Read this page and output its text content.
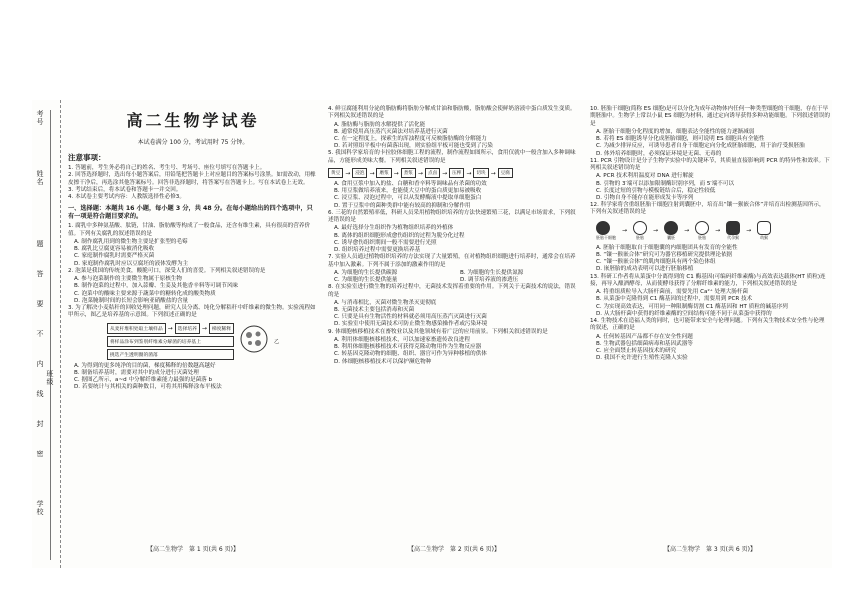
考号
姓名
题
答
要
不
内
线
封
密
班级
学校
高二生物学试卷
本试卷满分 100 分，考试用时 75 分钟。
注意事项：

1. 答题前，考生务必将自己的姓名、考生号、考场号、座位号填写在答题卡上。

2. 回答选择题时，选出每小题答案后，用铅笔把答题卡上对应题目的答案标号涂黑。如需改动，用橡皮擦干净后，再选涂其他答案标号。回答非选择题时，将答案写在答题卡上。写在本试卷上无效。

3. 考试结束后，将本试卷和答题卡一并交回。

4. 本试卷主要考试内容：人教版选择性必修3。

一、选择题：本题共 16 小题，每小题 3 分，共 48 分。在每小题给出的四个选项中，只有一项是符合题目要求的。

1. 腐乳中多种氨基酸、肽链，甘油、脂肪酸等构成了一般食品，还含有维生素，具有很高的营养价值。下列有关腐乳的叙述错误的是

A. 制作腐乳用到的微生物主要是扩张型的毛霉
B. 腐乳比豆腐更容易被消化吸收
C. 家庭制作腐乳时需要严格灭菌
D. 家庭制作腐乳时应以豆腐坯的液体发酵为主

2. 泡菜是我国的传统美食，酸脆可口，深受人们的喜爱。下列相关叙述错误的是

A. 参与泡菜制作的主要微生物属于原核生物
B. 制作泡菜的过程中，加入蒜瓣、生姜及其他香辛料等可调节风味
C. 泡菜中的酸味主要来源于蔬菜中的糖转化成的酸类物质
D. 泡菜腌制时间的长短会影响亚硝酸盐的含量

3. 为了解决小麦秸秆的回收处理问题，研究人员分离、纯化分解秸秆中纤维素的微生物。实验流程如甲所示，图乙是培养基的示意图。下列叙述正确的是

从麦秆堆积处取土壤样品 →	选择培养 →	梯度稀释
将样品涂布到鉴别纤维素分解菌的培养基上
挑选产生透明圈的菌落
乙
A. 为得到的更多纯净的目的菌，梯度稀释的倍数越高越好
B. 制备培养基时，需要对其中的成分进行灭菌处理
C. 据图乙所示，a~d 中分解纤维素能力最强的是菌落 b
D. 若要统计与其相关的菌种数目，可将其用稀释涂布平板法
【高二生物学　第 1 页(共 6 页)】

4. 鲜豆腐能利用分泌的脂肪酶将脂肪分解成甘油和脂肪酸，脂肪酸会使鲜奶溶液中蛋白质发生变质。下列相关叙述错误的是

A. 脂肪酶与脂肪的水解提供了活化能
B. 通常使用高压蒸汽灭菌法对培养基进行灭菌
C. 在一定程度上，探索生的浑浊程度可反映脂肪酶的分解能力
D. 若对照组平板中有菌落出现，则实验组平板可能也受到了污染

5. 我国科学家培育的卡拉胶体细胞工程的流程，制作流程如图所示，食用仅就中一般含加入多种调味品，方能形成美味大餐。下列相关叙述错误的是

黄豆 →	浸泡 →	磨浆 →	煮浆 →	点卤 →	压榨 →	切块 →	豆腐
A. 食用豆浆中加入的盐、白糖和香辛料等调味品有杀菌的功效
B. 用豆浆做培养液来，也能使大豆中的蛋白质更加易被吸收
C. 浸豆浆、浸泡过程中，可以从发酵酶液中提取单细胞蛋白
D. 置于豆浆中的菌种类群中能有较高的抑制和分解作用

6. 三花的自然繁殖率低，科研人员采用植物组织培养的方法快速繁殖三花，以满足市场需求，下列叙述错误的是

A. 最好选择分生组织作为植物组织培养的外植体
B. 离体的组织细胞形成愈伤组织的过程为脱分化过程
C. 诱导愈伤组织期间一般不需要进行光照
D. 组织培养过程中需要更换培养基

7. 实验人员通过植物组织培养的方法实现了大量繁殖，在对植物组织细胞进行培养时，通常会在培养基中加入激素。下列不属于添加的激素作用的是

A. 为细胞的生长提供碳源	B. 为细胞的生长提供氮源
C. 为细胞的生长提供能量	D. 调节培养液的渗透压

8. 在实验室进行微生物的培养过程中，无菌技术发挥着重要的作用。下列关于无菌技术的说法，错误的是

A. 与消毒相比，灭菌对微生物杀灭更彻底
B. 无菌技术主要包括消毒和灭菌
C. 只要是具有生物活性的材料就必须用高压蒸汽灭菌进行灭菌
D. 实验室中使用无菌技术可防止微生物感染操作者或污染环境

9. 体细胞核移植技术在畜牧业以及其他领域有着广泛的应用前景。下列相关叙述错误的是

A. 利用体细胞核移植技术，可以加速家畜遗传改良进程
B. 利用体细胞核移植技术可获得克隆动物用作为生物反应器
C. 转基因克隆动物的细胞、组织、器官可作为异种移植的供体
D. 体细胞核移植技术可以保护濒危物种
【高二生物学　第 2 页(共 6 页)】

10. 胚胎干细胞(简称 ES 细胞)是可以分化为成年动物体内任何一种类型细胞的干细胞，存在于早期胚胎中。生物学上常以小鼠 ES 细胞为材料，通过定向诱导获得多种功能细胞。下列叙述错误的是

A. 胚胎干细胞分化程度的增加，细胞表达全能性的能力逐渐减弱
B. 若将 ES 细胞诱导分化成胚胎细胞，则可说明 ES 细胞具有全能性
C. 为减少排异反应，可诱导患者自身干细胞定向分化成胚胎细胞，用于治疗受损胚胎
D. 体外培养细胞时，必须保证环境是无菌、无毒的

11. PCR 引物设计是分子生物学实验中的关键环节，其质量直接影响到 PCR 的特异性和效率。下列相关叙述错误的是

A. PCR 技术利用温度对 DNA 进行解旋
B. 引物的 3′端可以添加限制酶识别序列，而 5′端不可以
C. 长度过短的引物与模板链结合后，稳定性较低
D. 引物自身不能存在能形成发卡等序列

12. 科学家将含重组胚胎干细胞注射到囊胚中，培育出“镶一猴嵌合体”并培育出检测基因所示，下列有关叙述错误的是

胚胎干细胞
→
胚胎
→
囊胚
→
胚胎
→
代孕猴
→
幼猴
A. 胚胎干细胞取自于细胞囊的内细胞团具有发育的全能性
B. “镶一猴嵌合体”研究可为器官移植研究提供理论依据
C. “镶一猴嵌合体”的肌肉细胞具有两个染色体组
D. 嵌胚胎的成功表明可以进行胚胎移植

13. 科研工作者将从菜蛋中分离得到的 C1 酶基因(可编码纤维素酶)与高效表达载体(HT 质粒)连接，再导入酿酒酵母，从而使酵母获得了分解纤维素的能力，下列相关叙述错误的是

A. 将重组质粒导入大肠杆菌前，需要先用 Ca²⁺ 处理大肠杆菌
B. 从菜蛋中克隆得到 C1 酶基因的过程中，需要用到 PCR 技术
C. 为实现高效表达，可用同一种限制酶切割 C1 酶基因和 HT 质粒的碱基序列
D. 从大肠杆菌中获得的纤维素酶的空间结构可能不同于从菜蛋中获得的

14. 生物技术在造福人类的同时，也可能带来安全与伦理问题。下列有关生物技术安全性与伦理的叙述，正确的是

A. 任何转基因产品都不存在安全性问题
B. 生物武器包括细菌病毒和基因武器等
C. 应全面禁止转基因技术的研究
D. 我国不允许进行生殖性克隆人实验
【高二生物学　第 3 页(共 6 页)】
